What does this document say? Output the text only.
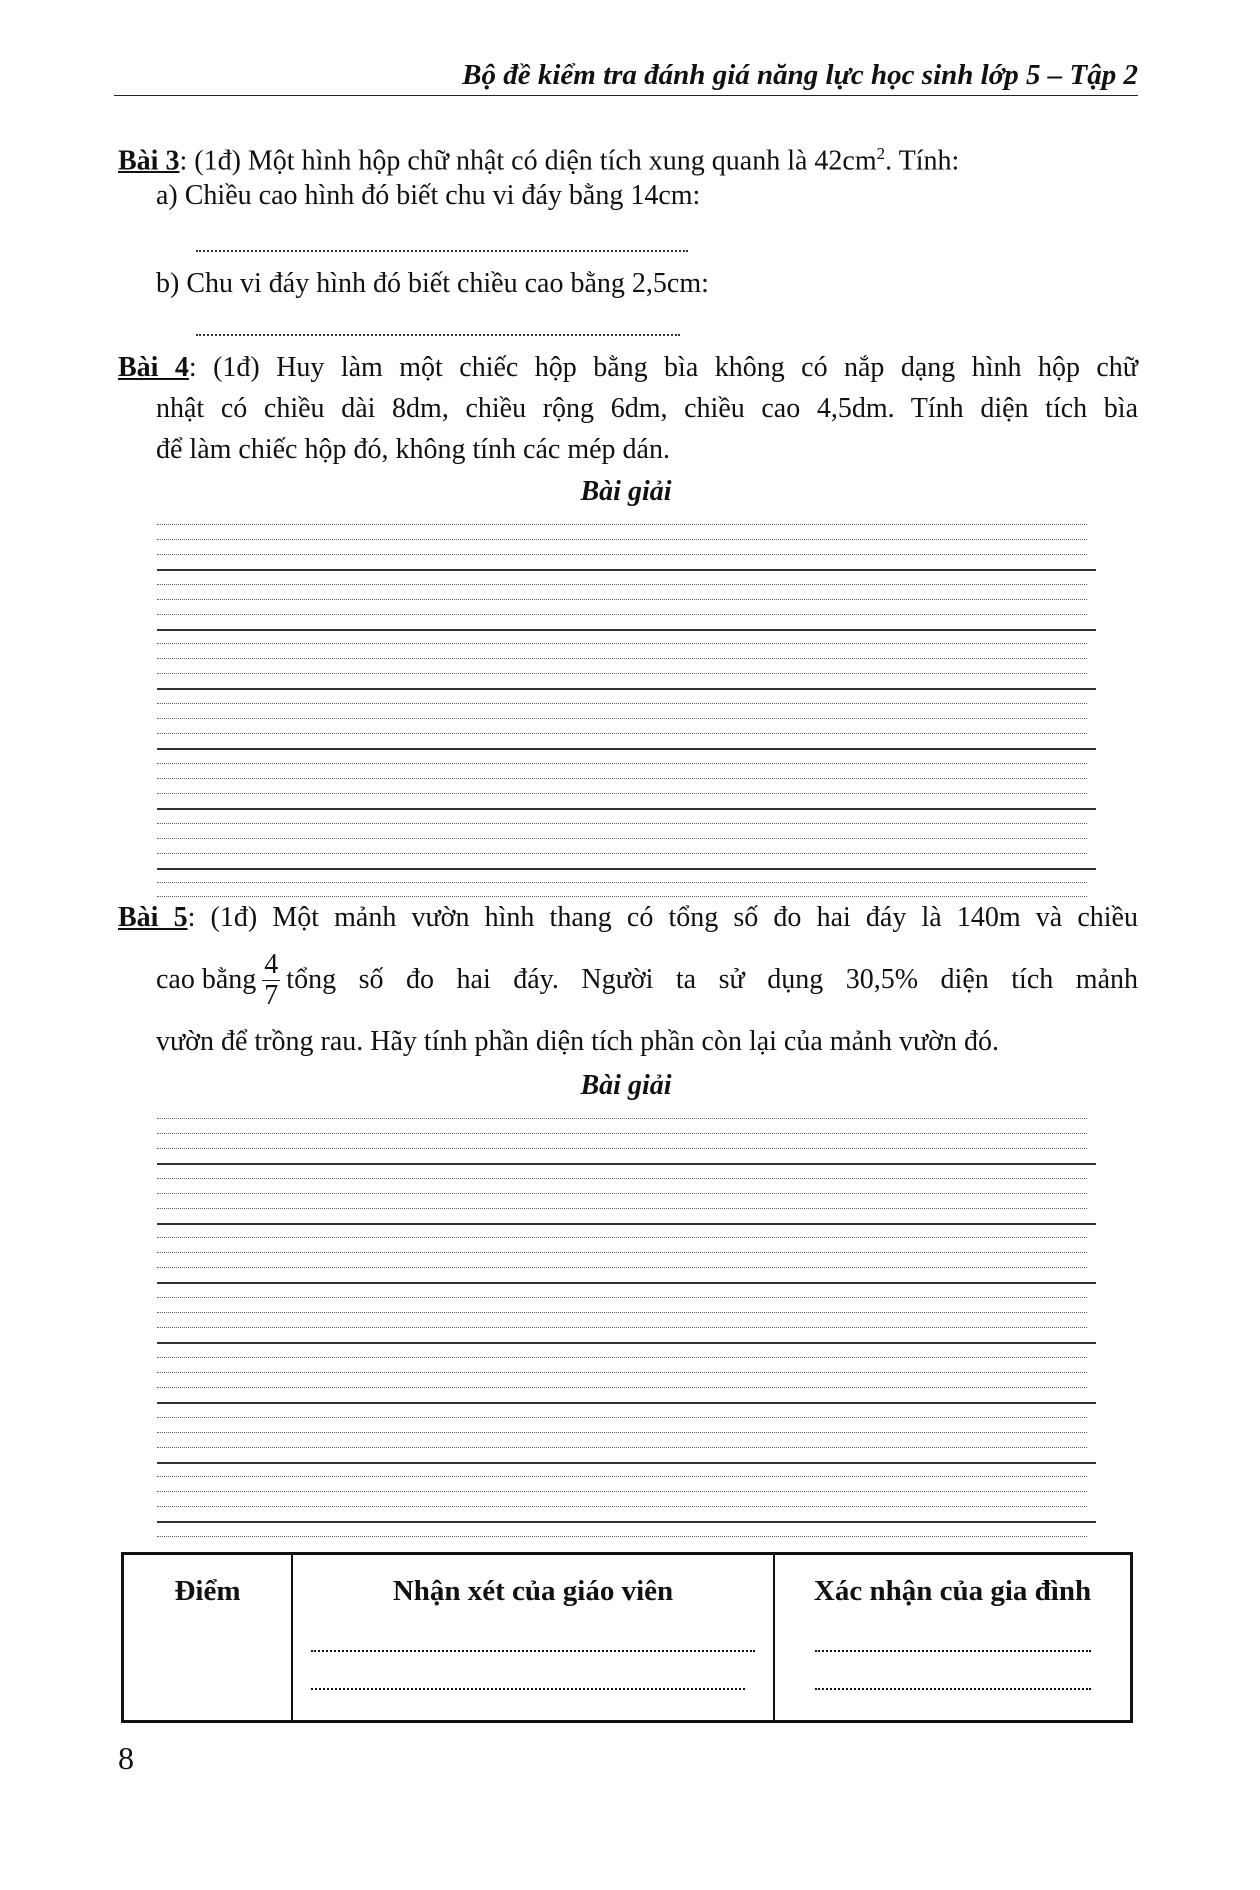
Bộ đề kiểm tra đánh giá năng lực học sinh lớp 5 – Tập 2
Bài 3: (1đ) Một hình hộp chữ nhật có diện tích xung quanh là $42cm^2$. Tính:
a) Chiều cao hình đó biết chu vi đáy bằng 14cm:
b) Chu vi đáy hình đó biết chiều cao bằng 2,5cm:
Bài 4: (1đ) Huy làm một chiếc hộp bằng bìa không có nắp dạng hình hộp chữ
nhật có chiều dài 8dm, chiều rộng 6dm, chiều cao 4,5dm. Tính diện tích bìa
để làm chiếc hộp đó, không tính các mép dán.
Bài giải
Bài 5: (1đ) Một mảnh vườn hình thang có tổng số đo hai đáy là 140m và chiều
cao bằng $\frac{4}{7}$ tổng số đo hai đáy. Người ta sử dụng 30,5% diện tích mảnh
vườn để trồng rau. Hãy tính phần diện tích phần còn lại của mảnh vườn đó.
Bài giải
Điểm	Nhận xét của giáo viên	Xác nhận của gia đình
8
